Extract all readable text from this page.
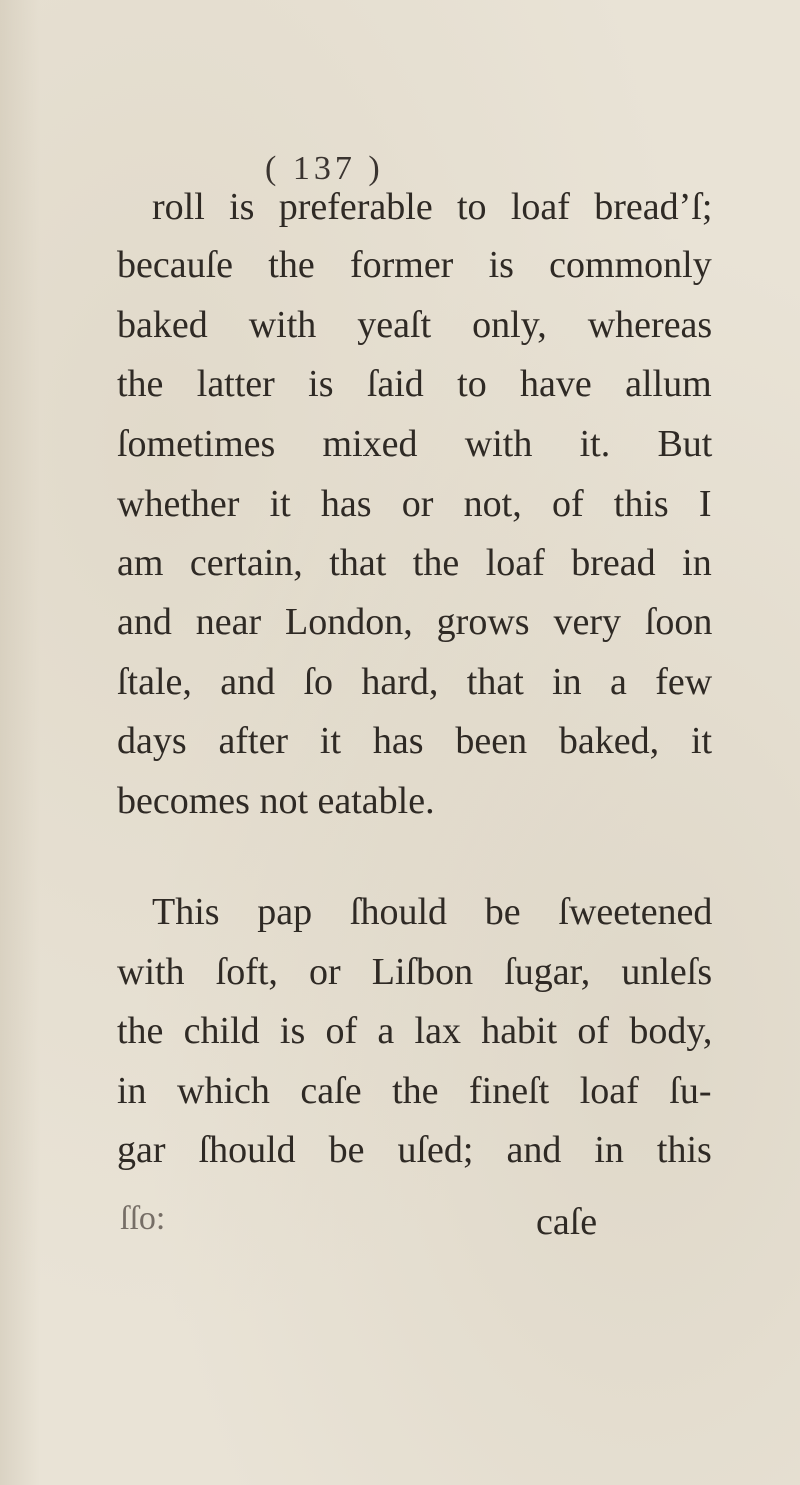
( 137 )
roll is preferable to loaf bread’ſ;
becauſe the former is commonly
baked with yeaſt only, whereas
the latter is ſaid to have allum
ſometimes mixed with it. But
whether it has or not, of this I
am certain, that the loaf bread in
and near London, grows very ſoon
ſtale, and ſo hard, that in a few
days after it has been baked, it
becomes not eatable.
This pap ſhould be ſweetened
with ſoft, or Liſbon ſugar, unleſs
the child is of a lax habit of body,
in which caſe the fineſt loaf ſu-
gar ſhould be uſed; and in this
ſſo:	caſe
